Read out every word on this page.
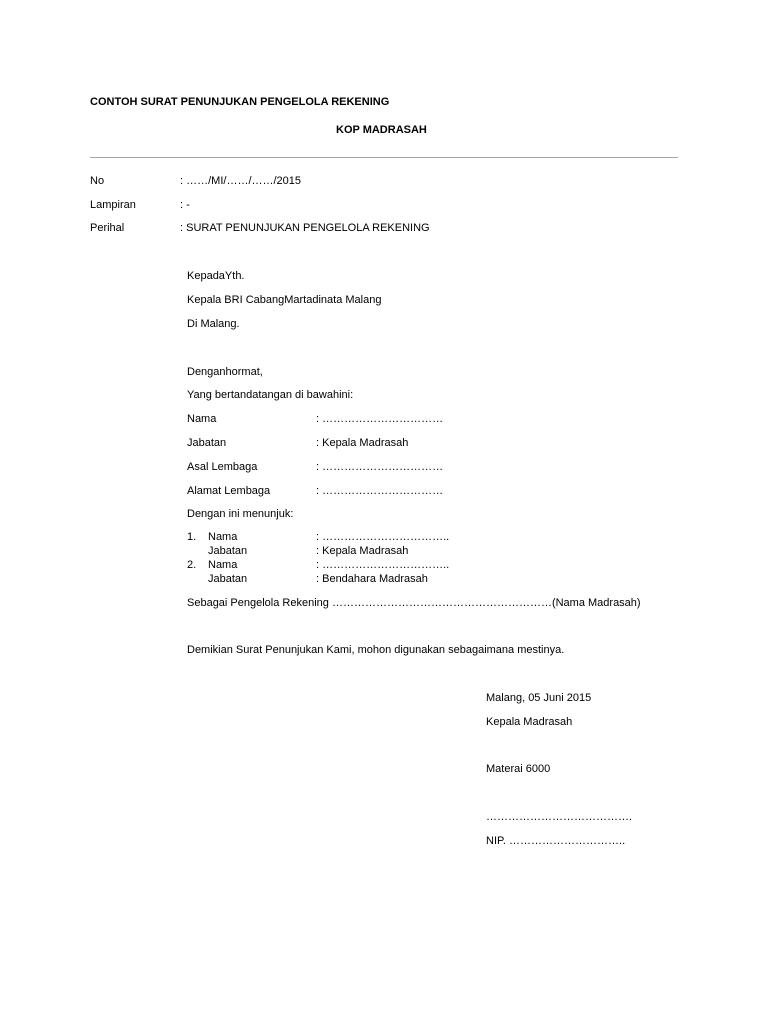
CONTOH SURAT PENUNJUKAN PENGELOLA REKENING
KOP MADRASAH
No	: ……/MI/……/……/2015
Lampiran	: -
Perihal	: SURAT PENUNJUKAN PENGELOLA REKENING
KepadaYth.
Kepala BRI CabangMartadinata Malang
Di Malang.
Denganhormat,
Yang bertandatangan di bawahini:
Nama	: ……………………………
Jabatan	: Kepala Madrasah
Asal Lembaga	: ……………………………
Alamat Lembaga	: ……………………………
Dengan ini menunjuk:
1. Nama	: ……………………………..
Jabatan	: Kepala Madrasah
2. Nama	: ……………………………..
Jabatan	: Bendahara Madrasah
Sebagai Pengelola Rekening ……………………………………………………(Nama Madrasah)
Demikian Surat Penunjukan Kami, mohon digunakan sebagaimana mestinya.
Malang, 05 Juni 2015
Kepala Madrasah
Materai 6000
………………………………….
NIP. …………………………..
